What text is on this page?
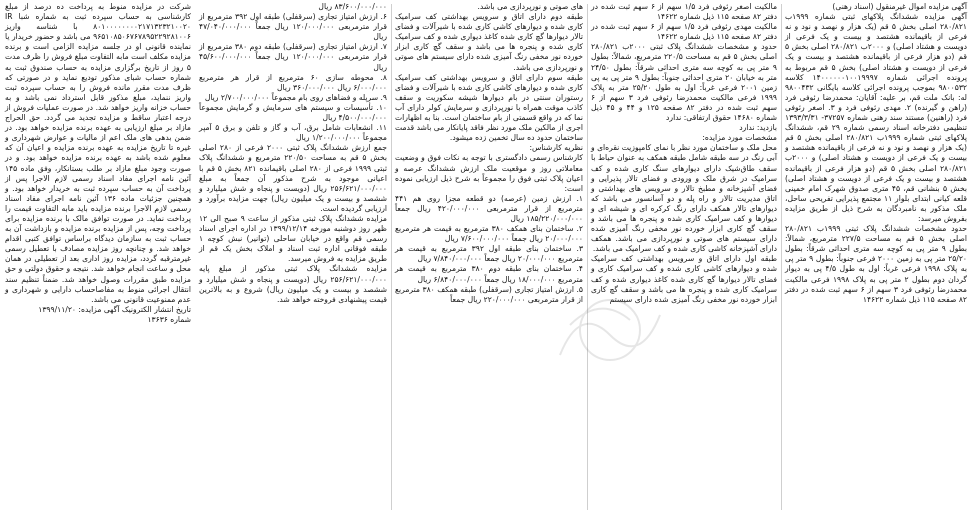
آگهی مزایده اموال غیرمنقول (اسناد رهنی)
آگهی مزایده ششدانگ پلاکهای ثبتی شماره ۱۹۹۹ب ۲۸۰/۸۲۱ اصلی بخش ۵ قم (یک هزار و نهصد و نود و نه فرعی از باقیمانده هشتصد و بیست و یک فرعی از دویست و هشتاد اصلی) و ۲۰۰۰ب ۲۸۰/۸۲۱ اصلی بخش ۵ قم (دو هزار فرعی از باقیمانده هشتصد و بیست و یک فرعی از دویست و هشتاد اصلی) بخش ۵ قم مربوط به پرونده اجرائی شماره ۱۴۰۰۰۰۰۰۱۰۰۱۹۹۹۷ کلاسه ۹۸۰۰۵۳۲ بموجب پرونده اجرائی کلاسه بایگانی ۹۸۰۰۴۳۲ له: بانک ملت قم، بر علیه: آقایان: محمدرضا رئوفی فرد (راهن و گیرنده) ۲. مهدی رئوفی فرد و ۳. اصغر رئوفی فرد (راهنین) مستند سند رهنی شماره ۳۷۲۵۷- ۱۳۹۳/۳/۳۱ تنظیمی دفترخانه اسناد رسمی شماره ۲۹ قم، ششدانگ پلاکهای ثبتی شماره ۱۹۹۹ب ۲۸۰/۸۲۱ اصلی بخش ۵ قم (یک هزار و نهصد و نود و نه فرعی از باقیمانده هشتصد و بیست و یک فرعی از دویست و هشتاد اصلی) و ۲۰۰۰ب ۲۸۰/۸۲۱ اصلی بخش ۵ قم (دو هزار فرعی از باقیمانده هشتصد و بیست و یک فرعی از دویست و هشتاد اصلی) بخش ۵ بنشانی قم، ۴۵ متری صدوق شهرک امام خمینی قلعه کیانی ابتدای بلوار ۱۱ مجتمع پذیرایی تفریحی ساحل، ملک مذکور به نامبردگان به شرح ذیل از طریق مزایده بفروش میرسد:
حدود مشخصات ششدانگ پلاک ثبتی ۱۹۹۹ب ۲۸۰/۸۲۱ اصلی بخش ۵ قم به مساحت ۲۲۷/۵ مترمربع، شمالاً: بطول ۹ متر پی به کوچه سه متری احداثی شرقاً: بطول ۲۵/۲۰ متر پی به زمین ۲۰۰۰ فرعی جنوباً: بطول ۹ متر پی به پلاک ۱۹۹۸ فرعی غرباً: اول به طول ۴/۵ پی به دیوار گردان دوم بطول ۲ متر پی به پلاک ۱۹۹۸ فرعی مالکیت محمدرضا رئوفی فرد ۳ سهم از ۶ سهم ثبت شده در دفتر ۸۲ صفحه ۱۱۵ ذیل شماره ۱۴۶۲۲

مالکیت اصغر رئوفی فرد ۱/۵ سهم از ۶ سهم ثبت شده در دفتر ۸۲ صفحه ۱۱۵ ذیل شماره ۱۴۶۲۲
مالکیت مهدی رئوفی فرد ۱/۵ سهم از ۶ سهم ثبت شده در دفتر ۸۲ صفحه ۱۱۵ ذیل شماره ۱۴۶۲۲
حدود و مشخصات ششدانگ پلاک ثبتی ۲۰۰۰ب ۲۸۰/۸۲۱ اصلی بخش ۵ قم به مساحت ۲۲۰/۵ مترمربع، شمالاً: بطول ۹ متر پی به کوچه سه متری احداثی شرقاً: بطول ۲۴/۵۰ متر به خیابان ۲۰ متری احداثی جنوباً: بطول ۹ متر پی به پی زمین ۲۰۰۱ فرعی غرباً: اول به طول ۲۵/۲۰ متر به پلاک ۱۹۹۹ فرعی مالکیت محمدرضا رئوفی فرد ۳ سهم از ۶ سهم ثبت شده در دفتر ۸۲ صفحه ۱۲۵ و ۴۴ و ۴۵ ذیل شماره ۱۴۶۸۰ حقوق ارتفاقی: ندارد
بازدید: ندارد
مشخصات مورد مزایده:
محل ملک و ساختمان مورد نظر با نمای کامپوزیت نقره‌ای و آبی رنگ در سه طبقه شامل طبقه همکف به عنوان حیاط با سقف طاق‌شیک دارای دیوارهای سنگ کاری شده و کف سرامیک در شرق ملک و ورودی و فضای تالار پذیرایی و فضای آشپزخانه و مطبخ تالار و سرویس های بهداشتی و اتاق مدیریت تالار و راه پله و دو آسانسور می باشد که دیوارهای تالار همکف دارای رنگ کرکره ای و شیشه ای و دیوارها و کف سرامیک کاری شده و پنجره ها می باشد و سقف گچ کاری ابزار خورده نور مخفی رنگ آمیزی شده دارای سیستم های صوتی و نورپردازی می باشد. همکف دارای آشپزخانه کاشی کاری شده و کف سرامیک می باشد.
طبقه اول دارای اتاق و سرویس بهداشتی کف سرامیک شده و دیوارهای کاشی کاری شده و کف سرامیک کاری و فضای تالار دیوارها گچ کاری شده کاغذ دیواری شده و کف سرامیک کاری شده و پنجره ها می باشد و سقف گچ کاری ابزار خورده نور مخفی رنگ آمیزی شده دارای سیستم

های صوتی و نورپردازی می باشد.
طبقه دوم دارای اتاق و سرویس بهداشتی کف سرامیک کاری شده و دیوارهای کاشی کاری شده با شیرآلات و فضای تالار دیوارها گچ کاری شده کاغذ دیواری شده و کف سرامیک کاری شده و پنجره ها می باشد و سقف گچ کاری ابزار خورده نور مخفی رنگ آمیزی شده دارای سیستم های صوتی و نورپردازی می باشد.
طبقه سوم دارای اتاق و سرویس بهداشتی کف سرامیک کاری شده و دیوارهای کاشی کاری شده با شیرآلات و فضای رستوران سنتی در بام دیوارها شیشه سکوریت و سقف کاذب موقت همراه با نورپردازی و سرمایش کولر دارای آب نما که در واقع قسمتی از بام ساختمان است. بنا به اظهارات اجری از مالکین ملک مورد نظر فاقد پایانکار می باشد قدمت ساختمان حدود ده سال تخمین زده میشود.
نظریه کارشناس:
کارشناس رسمی دادگستری با توجه به نکات فوق و وضعیت معاملاتی روز و موقعیت ملک ارزش ششدانگ عرصه و اعیان پلاک ثبتی فوق را مجموعاً به شرح ذیل ارزیابی نموده است:
۱. ارزش زمین (عرصه) دو قطعه مجزا روی هم ۴۴۱ مترمربع از قرار مترمربعی ۴۲۰/۰۰۰/۰۰۰ ریال جمعاً ۱۸۵/۲۲۰/۰۰۰/۰۰۰ ریال
۲. ساختمان بنای همکف ۳۸۰ مترمربع به قیمت هر مترمربع ۲۰/۰۰۰/۰۰۰ ریال جمعاً ۷/۶۰۰/۰۰۰/۰۰۰ ریال
۳. ساختمان بنای طبقه اول ۳۹۲ مترمربع به قیمت هر مترمربع ۲۰/۰۰۰/۰۰۰ ریال جمعاً ۷/۸۴۰/۰۰۰/۰۰۰ ریال
۴. ساختمان بنای طبقه دوم ۳۸۰ مترمربع به قیمت هر مترمربع ۱۸/۰۰۰/۰۰۰ ریال جمعاً ۶/۸۴۰/۰۰۰/۰۰۰ ریال
۵. ارزش امتیاز تجاری (سرقفلی) طبقه همکف ۳۸۰ مترمربع از قرار مترمربعی ۲۲۰/۰۰۰/۰۰۰ ریال جمعاً

۸۳/۶۰۰/۰۰۰/۰۰۰ ریال
۶. ارزش امتیاز تجاری (سرقفلی) طبقه اول ۳۹۲ مترمربع از قرار مترمربعی ۱۲۰/۰۰۰/۰۰۰ ریال جمعاً ۴۷/۰۴۰/۰۰۰/۰۰۰ ریال
۷. ارزش امتیاز تجاری (سرقفلی) طبقه دوم ۳۸۰ مترمربع از قرار مترمربعی ۱۲۰/۰۰۰/۰۰۰ ریال جمعاً ۴۵/۶۰۰/۰۰۰/۰۰۰ ریال
۸. محوطه سازی ۶۰ مترمربع از قرار هر مترمربع ۶/۰۰۰/۰۰۰ ریال ۳۶۰/۰۰۰/۰۰۰ ریال
۹. سرپله و فضاهای روی بام مجموعاً ۲/۷۰۰/۰۰۰/۰۰۰ ریال
۱۰. تأسیسات و سیستم های سرمایش و گرمایش مجموعاً ۴/۵۰۰/۰۰۰/۰۰۰ ریال
۱۱. انشعابات شامل برق، آب و گاز و تلفن و برق ۵ آمپر مجموعاً ۱/۲۰۰/۰۰۰/۰۰۰ ریال
جمع ارزش ششدانگ پلاک ثبتی ۲۰۰۰ فرعی از ۲۸۰ اصلی بخش ۵ قم به مساحت ۲۲۰/۵۰ مترمربع و ششدانگ پلاک ثبتی ۱۹۹۹ فرعی از ۲۸۰ اصلی باقیمانده ۸۲۱ بخش ۵ قم با اعیانی موجود به شرح مذکور آن جمعاً به مبلغ ۲۵۶/۶۲۱/۰۰۰/۰۰۰ ریال (دویست و پنجاه و شش میلیارد و ششصد و بیست و یک میلیون ریال) جهت مزایده برآورد و ارزیابی گردیده است.
مزایده ششدانگ پلاک ثبتی مذکور از ساعت ۹ صبح الی ۱۲ ظهر روز دوشنبه مورخه ۱۳۹۹/۱۲/۱۴ در اداره اجرای اسناد رسمی قم واقع در خیابان ساحلی (توانیر) نبش کوچه ۱ طبقه فوقانی اداره ثبت اسناد و املاک بخش یک قم از طریق مزایده به فروش میرسد.
مزایده ششدانگ پلاک ثبتی مذکور از مبلغ پایه ۲۵۶/۶۲۱/۰۰۰/۰۰۰ ریال (دویست و پنجاه و شش میلیارد و ششصد و بیست و یک میلیون ریال) شروع و به بالاترین قیمت پیشنهادی فروخته خواهد شد.

شرکت در مزایده منوط به پرداخت ده درصد از مبلغ کارشناسی به حساب سپرده ثبت به شماره شبا IR ۸۰۱۰۰۰۰۰۰۰۰۲۱۷۱۳۲۳۲۱۰۰۲۰ با شناسه واریز ۹۶۵۱۰۸۵۰۶۷۶۷۸۹۵۲۲۹۲۸۱۰۰۶ می باشد و حضور خریدار یا نماینده قانونی او در جلسه مزایده الزامی است و برنده مزایده مکلف است مابه التفاوت مبلغ فروش را ظرف مدت ۵ روز از تاریخ برگزاری مزایده به حساب صندوق ثبت به شماره حساب شبای مذکور تودیع نماید و در صورتی که ظرف مدت مقرر مانده فروش را به حساب سپرده ثبت واریز ننماید، مبلغ مذکور قابل استرداد نمی باشد و به حساب خزانه واریز خواهد شد. در صورت عملیات فروش از درجه اعتبار ساقط و مزایده تجدید می گردد. حق الحراج مازاد بر مبلغ ارزیابی به عهده برنده مزایده خواهد بود. در ضمن بدهی های ملک اعم از مالیات و عوارض شهرداری و غیره تا تاریخ مزایده به عهده برنده مزایده و اعیان آن که معلوم شده باشد به عهده برنده مزایده خواهد بود. و در صورت وجود مبلغ مازاد بر طلب بستانکار، وفق ماده ۱۴۵ آئین نامه اجرای مفاد اسناد رسمی لازم الاجرا پس از پرداخت آن به حساب سپرده ثبت به خریدار خواهد بود. و همچنین جزئیات ماده ۱۳۶ آئین نامه اجرای مفاد اسناد رسمی لازم الاجرا برنده مزایده باید ما‌به التفاوت قیمت را پرداخت نماید. در صورت توافق مالک با برنده مزایده برای پرداخت وجه، پس از مزایده برنده مزایده و بازداشت آن به حساب ثبت به سازمان دیدگاه براساس توافق کتبی اقدام خواهد شد. و چنانچه روز مزایده مصادف با تعطیل رسمی غیرمترقبه گردد، مزایده روز اداری بعد از تعطیلی در همان محل و ساعت انجام خواهد شد. نتیجه و حقوق دولتی و حق مزایده طبق مقررات وصول خواهد شد. ضمناً تنظیم سند انتقال اجرائی منوط به مفاصاحساب دارایی و شهرداری و عدم ممنوعیت قانونی می باشد.
تاریخ انتشار الکترونیک آگهی مزایده: ۱۳۹۹/۱۱/۲۰
شماره ۱۳۶۳۶
